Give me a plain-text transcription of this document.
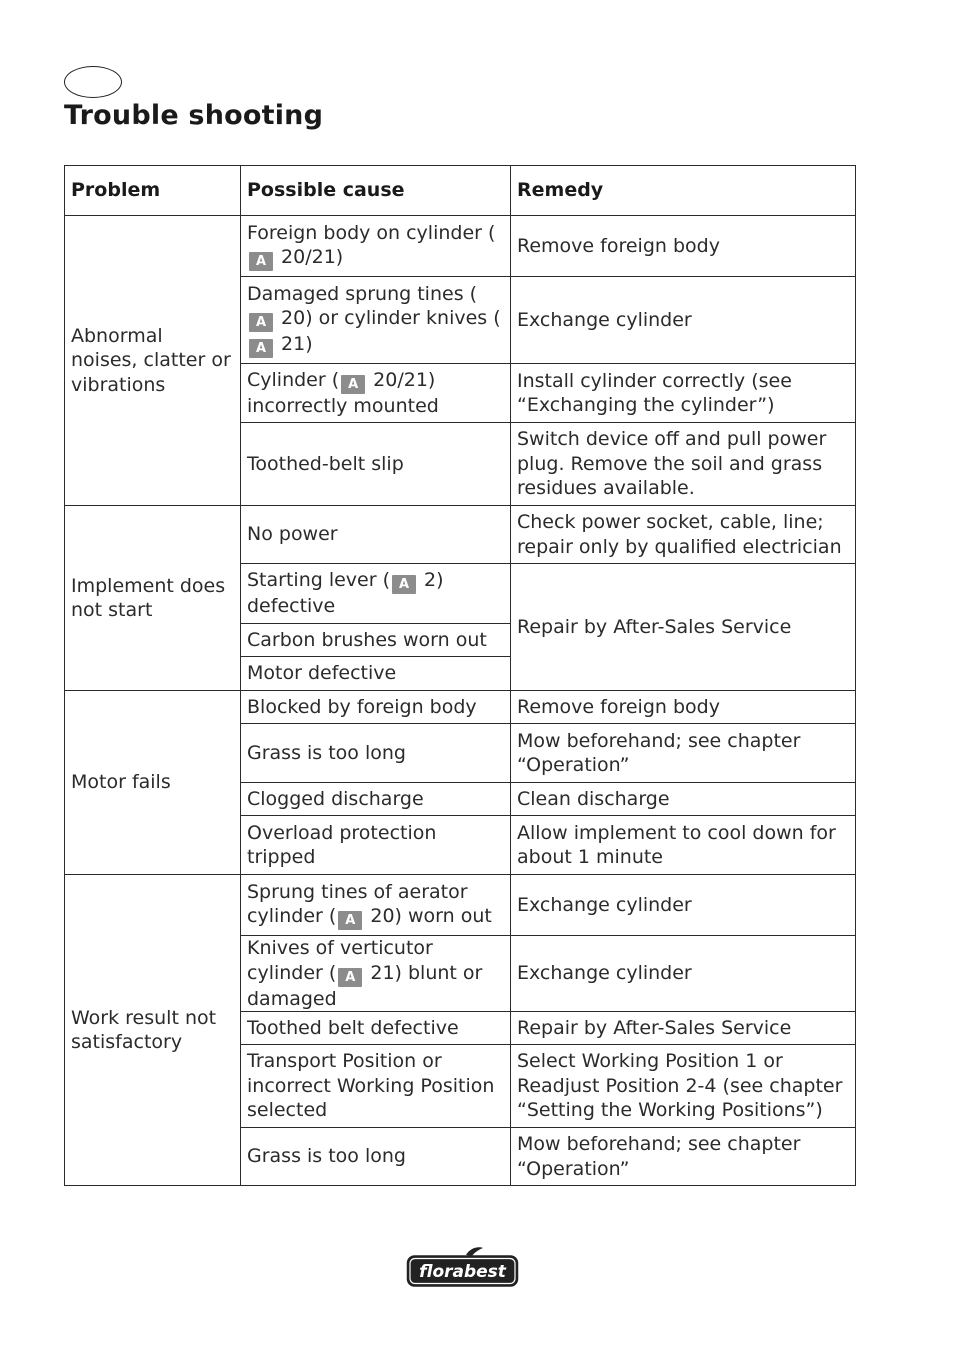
Trouble shooting
Problem	Possible cause	Remedy
Abnormal noises, clatter or vibrations	Foreign body on cylinder (A 20/21)	Remove foreign body
	Damaged sprung tines (A 20) or cylinder knives (A 21)	Exchange cylinder
	Cylinder ( A 20/21) incorrectly mounted	Install cylinder correctly (see “Exchanging the cylinder”)
	Toothed-belt slip	Switch device off and pull power plug. Remove the soil and grass residues available.
Implement does not start	No power	Check power socket, cable, line; repair only by qualified electrician
	Starting lever ( A 2) defective	Repair by After-Sales Service
	Carbon brushes worn out	
	Motor defective	
Motor fails	Blocked by foreign body	Remove foreign body
	Grass is too long	Mow beforehand; see chapter “Operation”
	Clogged discharge	Clean discharge
	Overload protection tripped	Allow implement to cool down for about 1 minute
Work result not satisfactory	Sprung tines of aerator cylinder ( A 20) worn out	Exchange cylinder
	Knives of verticutor cylinder ( A 21) blunt or damaged	Exchange cylinder
	Toothed belt defective	Repair by After-Sales Service
	Transport Position or incorrect Working Position selected	Select Working Position 1 or Readjust Position 2-4 (see chapter “Setting the Working Positions”)
	Grass is too long	Mow beforehand; see chapter “Operation”
florabest
